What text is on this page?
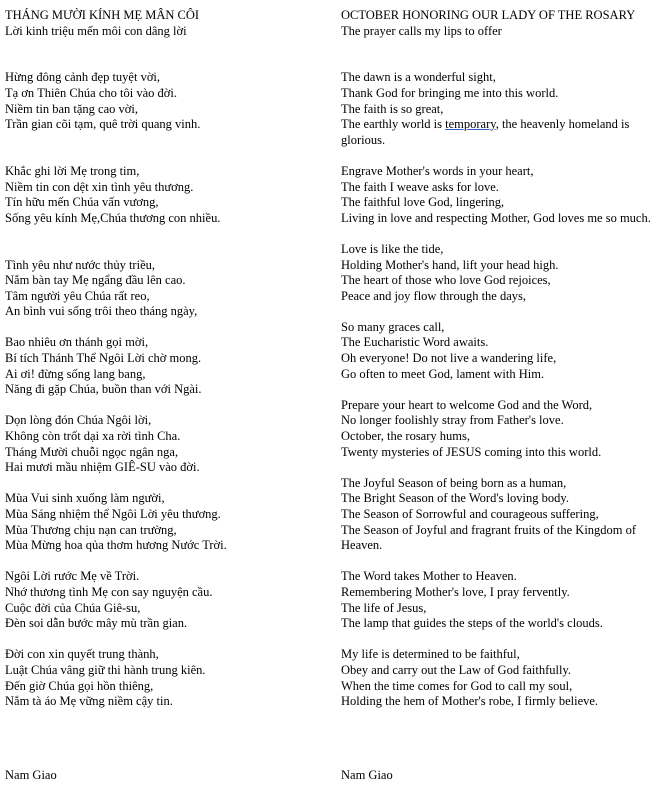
THÁNG MƯỜI KÍNH MẸ MÂN CÔI
Lời kinh triệu mến môi con dâng lời
Hừng đông cảnh đẹp tuyệt vời,
Tạ ơn Thiên Chúa cho tôi vào đời.
Niềm tin ban tặng cao vời,
Trần gian cõi tạm, quê trời quang vinh.
Khắc ghi lời Mẹ trong tim,
Niềm tin con dệt xin tình yêu thương.
Tín hữu mến Chúa vấn vương,
Sống yêu kính Mẹ,Chúa thương con nhiều.
Tình yêu như nước thủy triều,
Nắm bàn tay Mẹ ngẩng đầu lên cao.
Tâm người yêu Chúa rất reo,
An bình vui sống trôi theo tháng ngày,
Bao nhiêu ơn thánh gọi mời,
Bí tích Thánh Thể Ngôi Lời chờ mong.
Ai ơi! đừng sống lang bang,
Năng đi gặp Chúa, buồn than với Ngài.
Dọn lòng đón Chúa Ngôi lời,
Không còn trốt dại xa rời tình Cha.
Tháng Mười chuỗi ngọc ngân nga,
Hai mươi mầu nhiệm GIÊ-SU vào đời.
Mùa Vui sinh xuống làm người,
Mùa Sáng nhiệm thể Ngôi Lời yêu thương.
Mùa Thương chịu nạn can trường,
Mùa Mừng hoa qủa thơm hương Nước Trời.
Ngôi Lời rước Mẹ về Trời.
Nhớ thương tình Mẹ con say nguyện cầu.
Cuộc đời của Chúa Giê-su,
Đèn soi dẫn bước mây mù trần gian.
Đời con xin quyết trung thành,
Luật Chúa vâng giữ thi hành trung kiên.
Đến giờ Chúa gọi hồn thiêng,
Nắm tà áo Mẹ vững niềm cậy tin.
OCTOBER HONORING OUR LADY OF THE ROSARY
The prayer calls my lips to offer
The dawn is a wonderful sight,
Thank God for bringing me into this world.
The faith is so great,
The earthly world is temporary, the heavenly homeland is glorious.
Engrave Mother's words in your heart,
The faith I weave asks for love.
The faithful love God, lingering,
Living in love and respecting Mother, God loves me so much.
Love is like the tide,
Holding Mother's hand, lift your head high.
The heart of those who love God rejoices,
Peace and joy flow through the days,
So many graces call,
The Eucharistic Word awaits.
Oh everyone! Do not live a wandering life,
Go often to meet God, lament with Him.
Prepare your heart to welcome God and the Word,
No longer foolishly stray from Father's love.
October, the rosary hums,
Twenty mysteries of JESUS coming into this world.
The Joyful Season of being born as a human,
The Bright Season of the Word's loving body.
The Season of Sorrowful and courageous suffering,
The Season of Joyful and fragrant fruits of the Kingdom of Heaven.
The Word takes Mother to Heaven.
Remembering Mother's love, I pray fervently.
The life of Jesus,
The lamp that guides the steps of the world's clouds.
My life is determined to be faithful,
Obey and carry out the Law of God faithfully.
When the time comes for God to call my soul,
Holding the hem of Mother's robe, I firmly believe.
Nam Giao	Nam Giao
